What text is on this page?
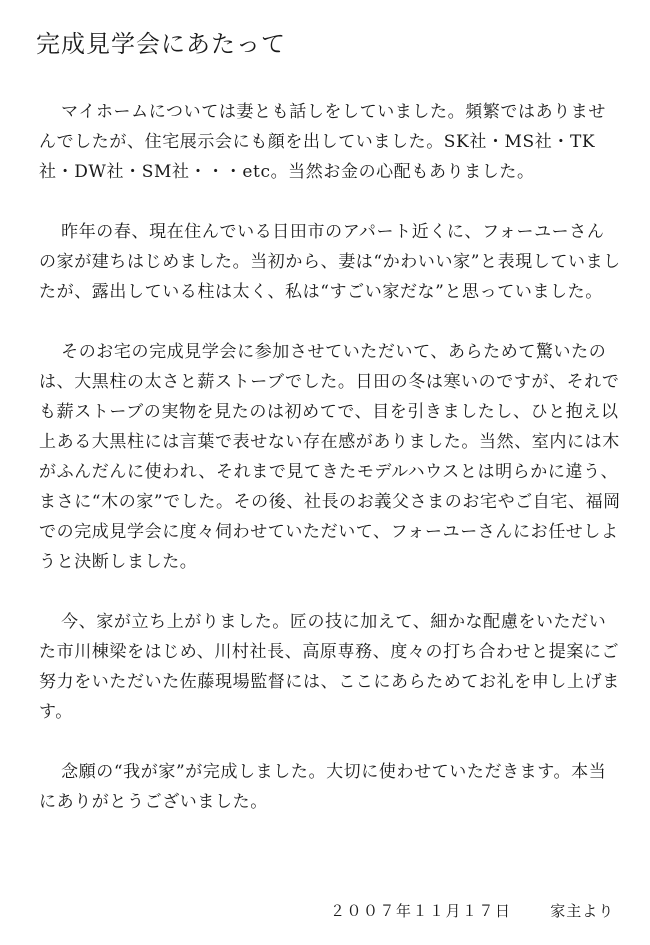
完成見学会にあたって

マイホームについては妻とも話しをしていました。頻繁ではありませんでしたが、住宅展示会にも顔を出していました。SK社・MS社・TK社・DW社・SM社・・・etc。当然お金の心配もありました。

昨年の春、現在住んでいる日田市のアパート近くに、フォーユーさんの家が建ちはじめました。当初から、妻は“かわいい家”と表現していましたが、露出している柱は太く、私は“すごい家だな”と思っていました。

そのお宅の完成見学会に参加させていただいて、あらためて驚いたのは、大黒柱の太さと薪ストーブでした。日田の冬は寒いのですが、それでも薪ストーブの実物を見たのは初めてで、目を引きましたし、ひと抱え以上ある大黒柱には言葉で表せない存在感がありました。当然、室内には木がふんだんに使われ、それまで見てきたモデルハウスとは明らかに違う、まさに“木の家”でした。その後、社長のお義父さまのお宅やご自宅、福岡での完成見学会に度々伺わせていただいて、フォーユーさんにお任せしようと決断しました。

今、家が立ち上がりました。匠の技に加えて、細かな配慮をいただいた市川棟梁をはじめ、川村社長、高原専務、度々の打ち合わせと提案にご努力をいただいた佐藤現場監督には、ここにあらためてお礼を申し上げます。

念願の“我が家”が完成しました。大切に使わせていただきます。本当にありがとうございました。

２００７年１１月１７日	家主より
